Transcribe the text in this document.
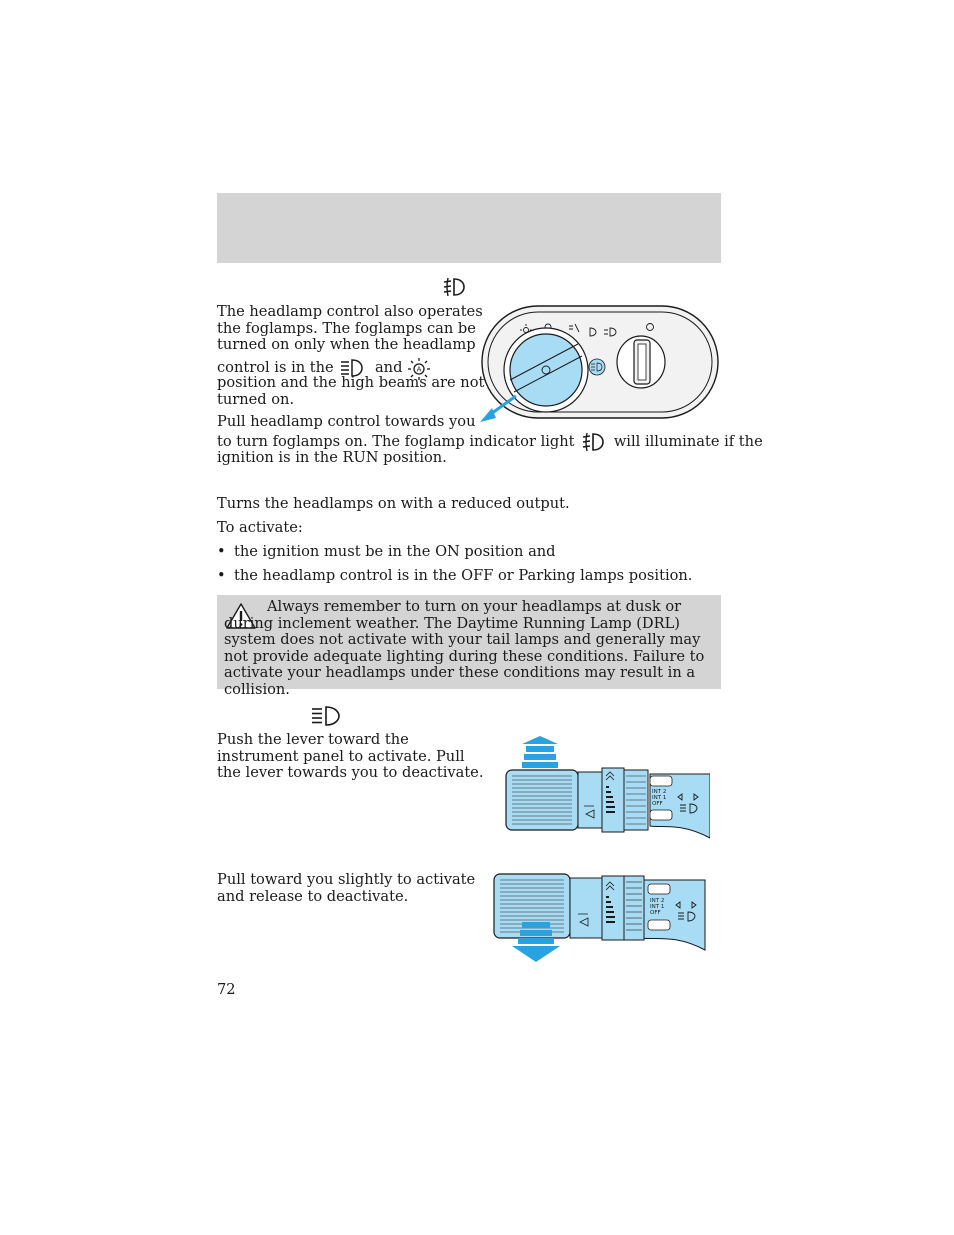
The headlamp control also operates
the foglamps. The foglamps can be
turned on only when the headlamp
control is in the	and A
position and the high beams are not
turned on.
Pull headlamp control towards you
to turn foglamps on. The foglamp indicator light	will illuminate if the
ignition is in the RUN position.
Turns the headlamps on with a reduced output.
To activate:
• the ignition must be in the ON position and
• the headlamp control is in the OFF or Parking lamps position.

Always remember to turn on your headlamps at dusk or during inclement weather. The Daytime Running Lamp (DRL) system does not activate with your tail lamps and generally may not provide adequate lighting during these conditions. Failure to activate your headlamps under these conditions may result in a collision.

Push the lever toward the
instrument panel to activate. Pull
the lever towards you to deactivate.
INT 2
INT 1
OFF
Pull toward you slightly to activate
and release to deactivate.	INT 2
INT 1
OFF
72
